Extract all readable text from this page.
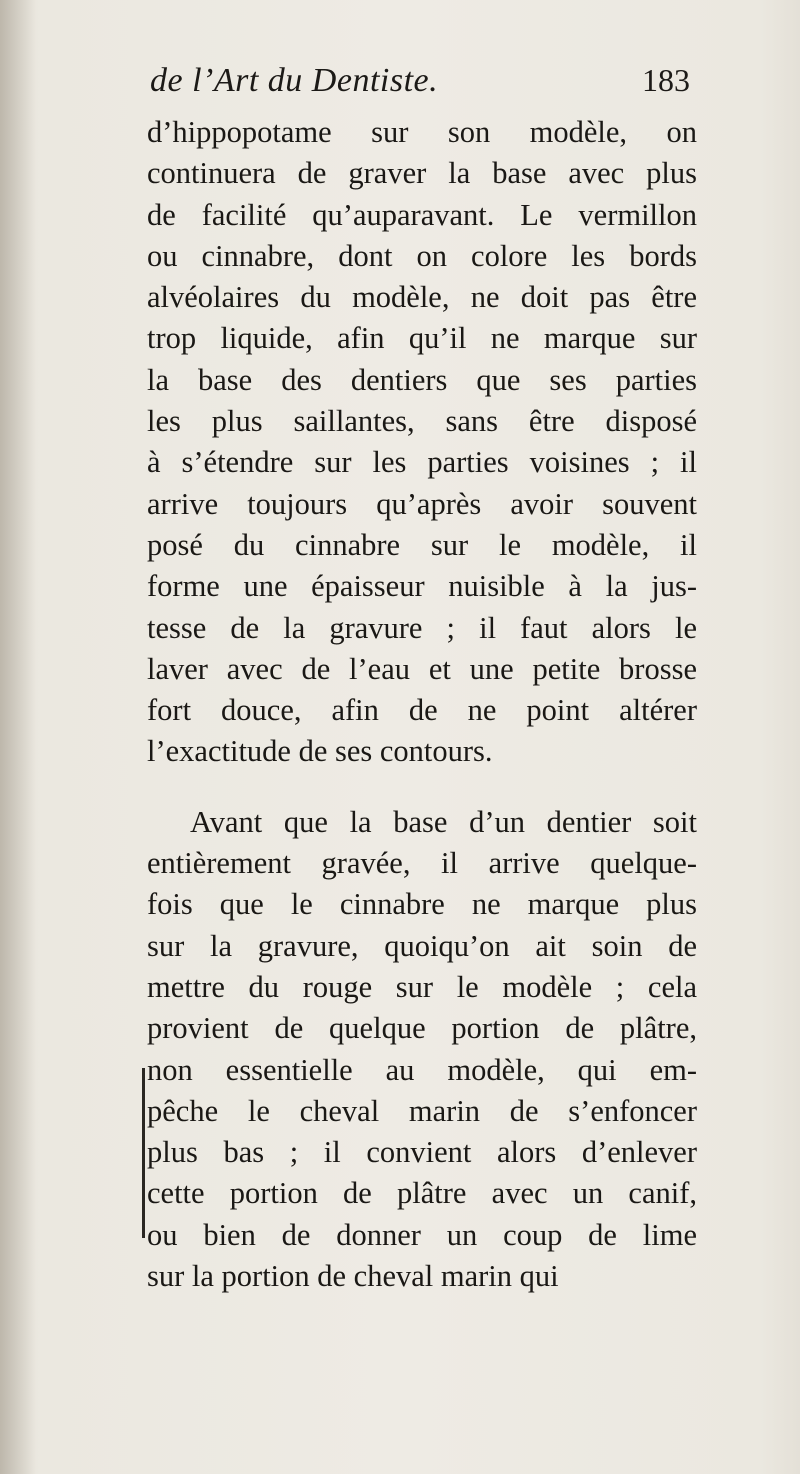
de l’Art du Dentiste.	183
d’hippopotame sur son modèle, on
continuera de graver la base avec plus
de facilité qu’auparavant. Le vermillon
ou cinnabre, dont on colore les bords
alvéolaires du modèle, ne doit pas être
trop liquide, afin qu’il ne marque sur
la base des dentiers que ses parties
les plus saillantes, sans être disposé
à s’étendre sur les parties voisines ; il
arrive toujours qu’après avoir souvent
posé du cinnabre sur le modèle, il
forme une épaisseur nuisible à la jus-
tesse de la gravure ; il faut alors le
laver avec de l’eau et une petite brosse
fort douce, afin de ne point altérer
l’exactitude de ses contours.
Avant que la base d’un dentier soit
entièrement gravée, il arrive quelque-
fois que le cinnabre ne marque plus
sur la gravure, quoiqu’on ait soin de
mettre du rouge sur le modèle ; cela
provient de quelque portion de plâtre,
non essentielle au modèle, qui em-
pêche le cheval marin de s’enfoncer
plus bas ; il convient alors d’enlever
cette portion de plâtre avec un canif,
ou bien de donner un coup de lime
sur la portion de cheval marin qui
